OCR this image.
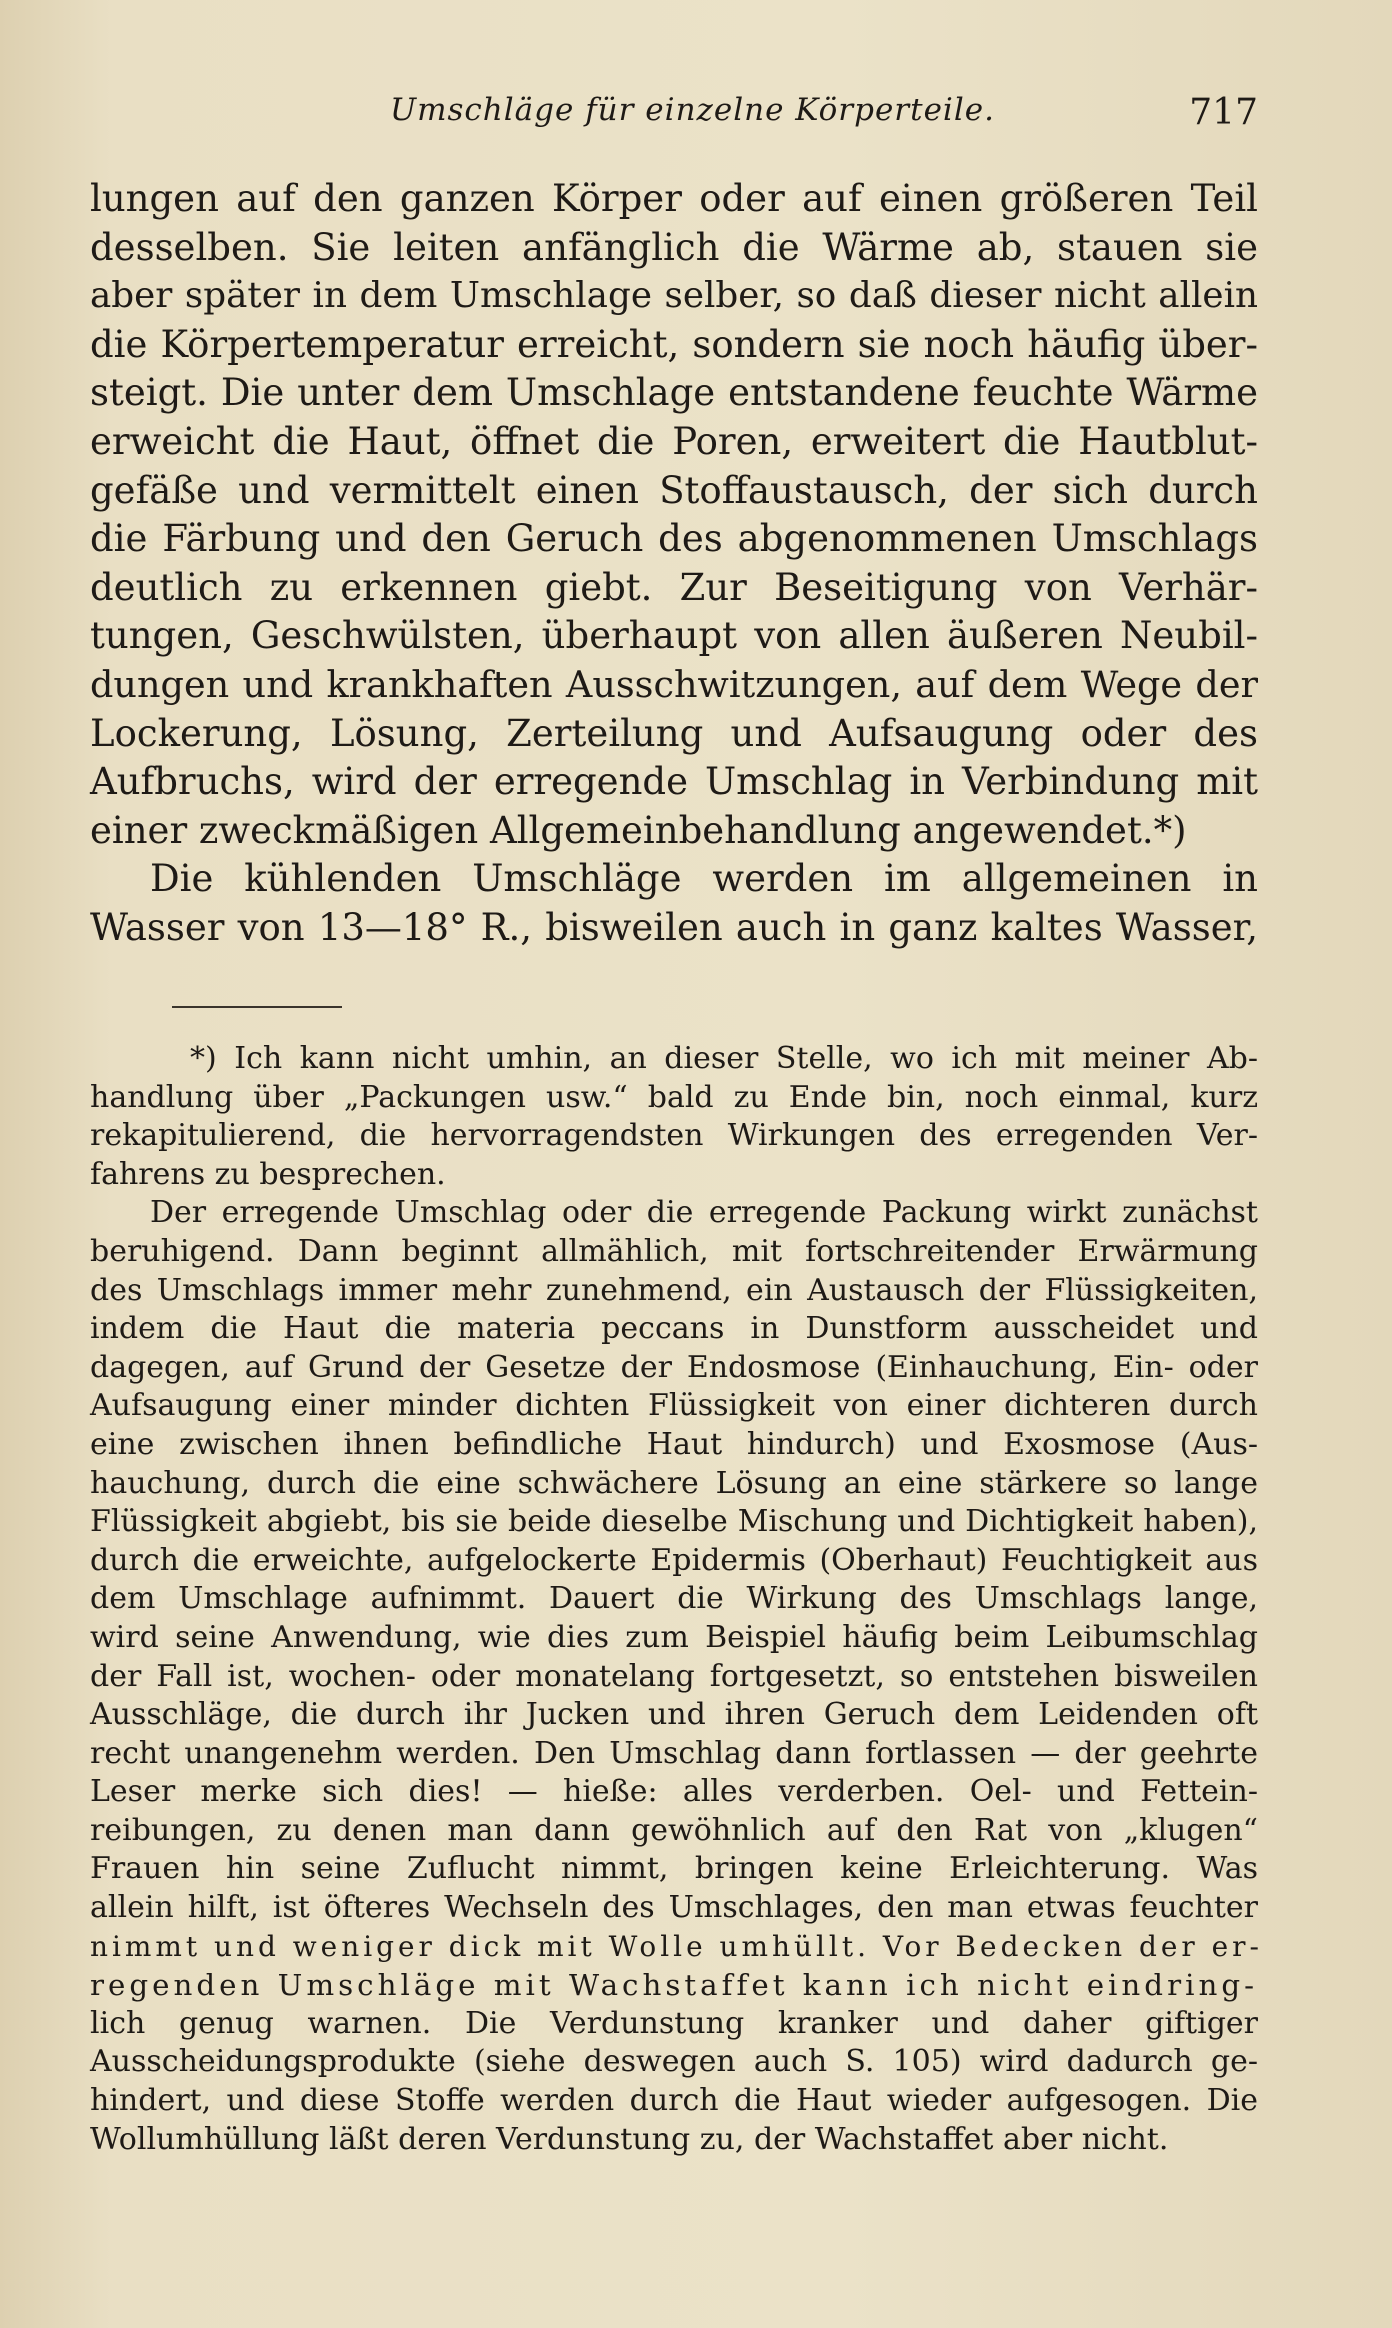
Umschläge für einzelne Körperteile.	717
lungen auf den ganzen Körper oder auf einen größeren Teil
desselben. Sie leiten anfänglich die Wärme ab, stauen sie
aber später in dem Umschlage selber, so daß dieser nicht allein
die Körpertemperatur erreicht, sondern sie noch häufig über-
steigt. Die unter dem Umschlage entstandene feuchte Wärme
erweicht die Haut, öffnet die Poren, erweitert die Hautblut-
gefäße und vermittelt einen Stoffaustausch, der sich durch
die Färbung und den Geruch des abgenommenen Umschlags
deutlich zu erkennen giebt. Zur Beseitigung von Verhär-
tungen, Geschwülsten, überhaupt von allen äußeren Neubil-
dungen und krankhaften Ausschwitzungen, auf dem Wege der
Lockerung, Lösung, Zerteilung und Aufsaugung oder des
Aufbruchs, wird der erregende Umschlag in Verbindung mit
einer zweckmäßigen Allgemeinbehandlung angewendet.*)
Die kühlenden Umschläge werden im allgemeinen in
Wasser von 13—18° R., bisweilen auch in ganz kaltes Wasser,
*) Ich kann nicht umhin, an dieser Stelle, wo ich mit meiner Ab-
handlung über „Packungen usw.“ bald zu Ende bin, noch einmal, kurz
rekapitulierend, die hervorragendsten Wirkungen des erregenden Ver-
fahrens zu besprechen.
Der erregende Umschlag oder die erregende Packung wirkt zunächst
beruhigend. Dann beginnt allmählich, mit fortschreitender Erwärmung
des Umschlags immer mehr zunehmend, ein Austausch der Flüssigkeiten,
indem die Haut die materia peccans in Dunstform ausscheidet und
dagegen, auf Grund der Gesetze der Endosmose (Einhauchung, Ein- oder
Aufsaugung einer minder dichten Flüssigkeit von einer dichteren durch
eine zwischen ihnen befindliche Haut hindurch) und Exosmose (Aus-
hauchung, durch die eine schwächere Lösung an eine stärkere so lange
Flüssigkeit abgiebt, bis sie beide dieselbe Mischung und Dichtigkeit haben),
durch die erweichte, aufgelockerte Epidermis (Oberhaut) Feuchtigkeit aus
dem Umschlage aufnimmt. Dauert die Wirkung des Umschlags lange,
wird seine Anwendung, wie dies zum Beispiel häufig beim Leibumschlag
der Fall ist, wochen- oder monatelang fortgesetzt, so entstehen bisweilen
Ausschläge, die durch ihr Jucken und ihren Geruch dem Leidenden oft
recht unangenehm werden. Den Umschlag dann fortlassen — der geehrte
Leser merke sich dies! — hieße: alles verderben. Oel- und Fettein-
reibungen, zu denen man dann gewöhnlich auf den Rat von „klugen“
Frauen hin seine Zuflucht nimmt, bringen keine Erleichterung. Was
allein hilft, ist öfteres Wechseln des Umschlages, den man etwas feuchter
nimmt und weniger dick mit Wolle umhüllt. Vor Bedecken der er-
regenden Umschläge mit Wachstaffet kann ich nicht eindring-
lich genug warnen. Die Verdunstung kranker und daher giftiger
Ausscheidungsprodukte (siehe deswegen auch S. 105) wird dadurch ge-
hindert, und diese Stoffe werden durch die Haut wieder aufgesogen. Die
Wollumhüllung läßt deren Verdunstung zu, der Wachstaffet aber nicht.
